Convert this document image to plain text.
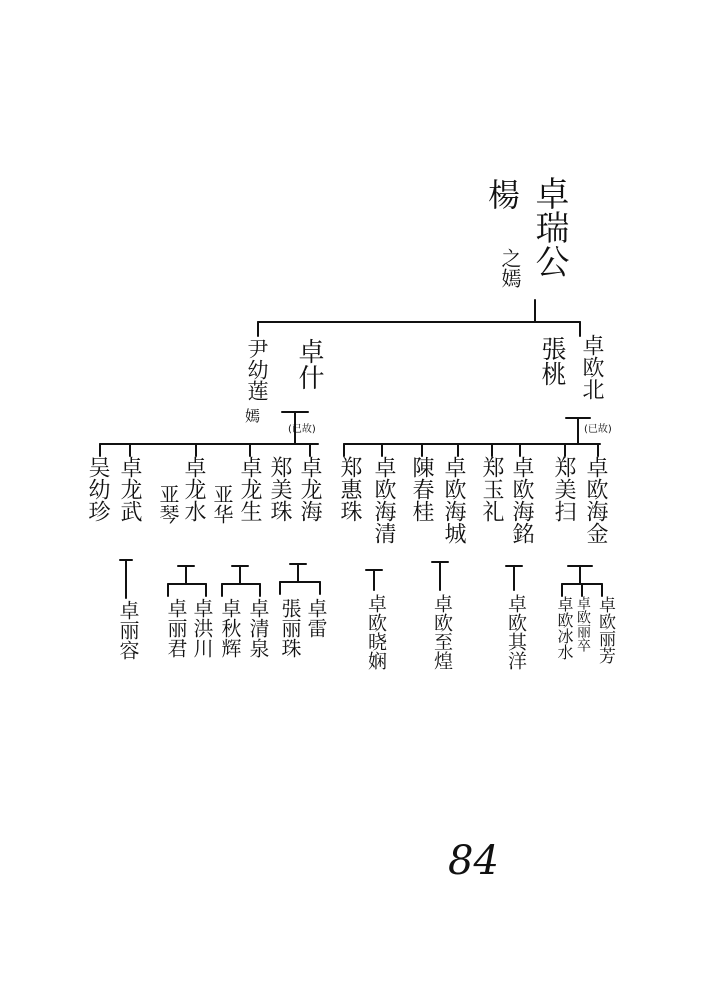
卓瑞公
楊
之嫣
卓什
(已故)
尹幼莲
嫣
卓欧北
(已故)
張桃
卓龙海
郑美珠
卓龙生
亚华
卓龙水
亚琴
卓龙武
吴幼珍	卓欧海金
郑美扫
卓欧海銘
郑玉礼
卓欧海城
陳春桂
卓欧海清
郑惠珠
卓雷
張丽珠
卓清泉
卓秋辉
卓洪川
卓丽君
卓丽容	卓欧丽芳
卓欧丽卒
卓欧冰水
卓欧其洋
卓欧至煌
卓欧晓娴
84
